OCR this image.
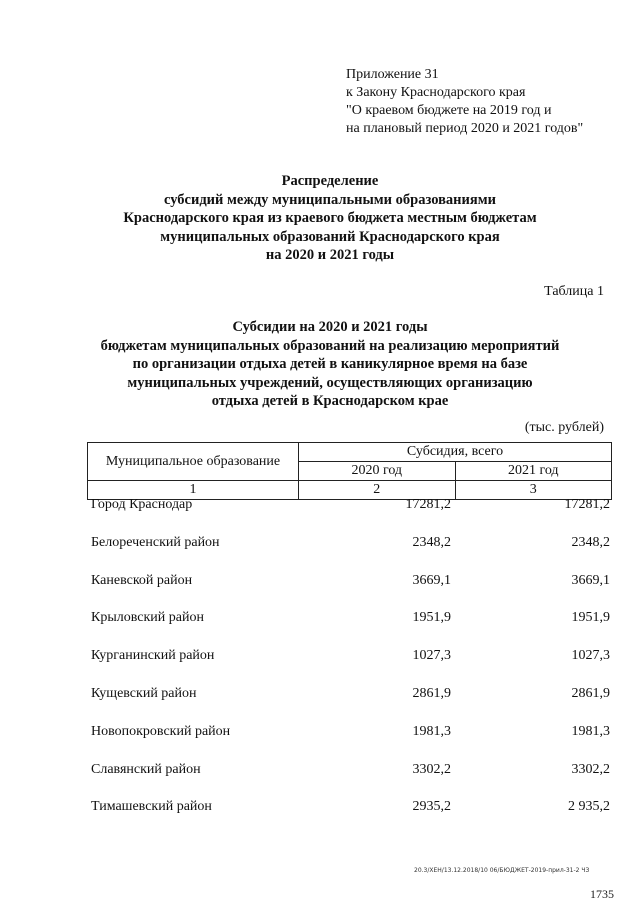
Приложение 31
к Закону Краснодарского края
"О краевом бюджете на 2019 год и
на плановый период 2020 и 2021 годов"
Распределение
субсидий между муниципальными образованиями
Краснодарского края из краевого бюджета местным бюджетам
муниципальных образований Краснодарского края
на 2020 и 2021 годы
Таблица 1
Субсидии на 2020 и 2021 годы
бюджетам муниципальных образований на реализацию мероприятий
по организации отдыха детей в каникулярное время на базе
муниципальных учреждений, осуществляющих организацию
отдыха детей в Краснодарском крае
(тыс. рублей)
Муниципальное образование	Субсидия, всего	
	2020 год	2021 год
1	2	3
Город Краснодар	17281,2	17281,2
Белореченский район	2348,2	2348,2
Каневской район	3669,1	3669,1
Крыловский район	1951,9	1951,9
Курганинский район	1027,3	1027,3
Кущевский район	2861,9	2861,9
Новопокровский район	1981,3	1981,3
Славянский район	3302,2	3302,2
Тимашевский район	2935,2	2 935,2
20.3/ХЕН/13.12.2018/10 06/БЮДЖЕТ-2019-прил-31-2 ЧЗ
1735
